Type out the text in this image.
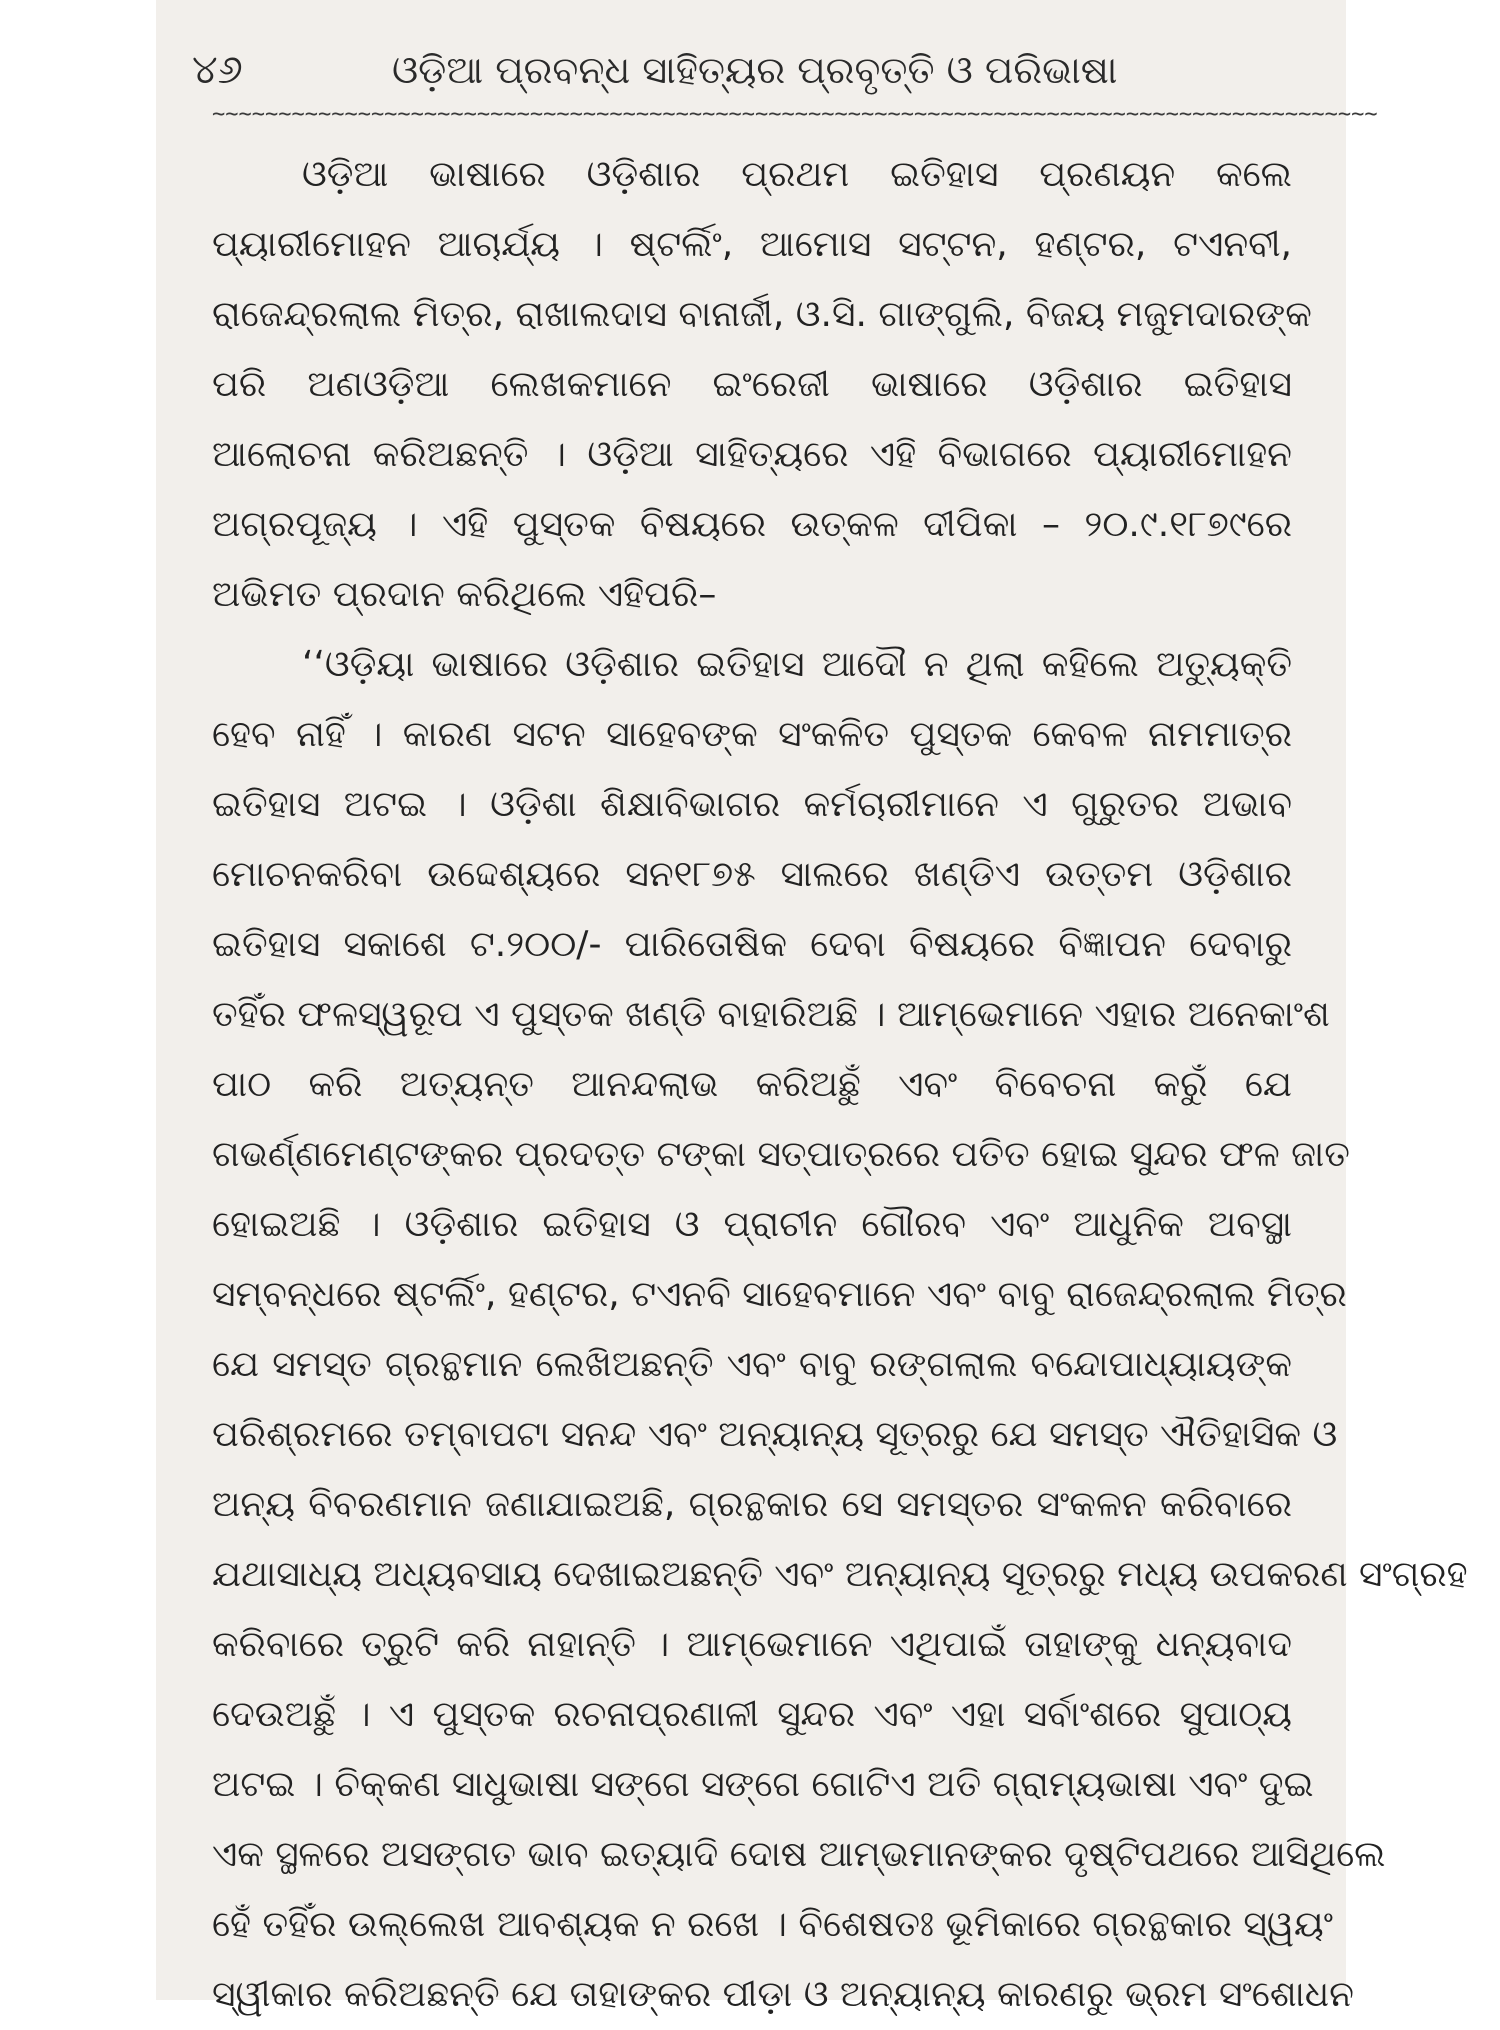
୪୬	ଓଡ଼ିଆ ପ୍ରବନ୍ଧ ସାହିତ୍ୟର ପ୍ରବୃତ୍ତି ଓ ପରିଭାଷା
~~~~~~~~~~~~~~~~~~~~~~~~~~~~~~~~~~~~~~~~~~~~~~~~~~~~~~~~~~~~~~~~~~~~~~~~~~~~~~~~~~~~~~~~
ଓଡ଼ିଆ ଭାଷାରେ ଓଡ଼ିଶାର ପ୍ରଥମ ଇତିହାସ ପ୍ରଣୟନ କଲେ
ପ୍ୟାରୀମୋହନ ଆଚାର୍ଯ୍ୟ । ଷ୍ଟର୍ଲିଂ, ଆମୋସ ସଟ୍ଟନ, ହଣ୍ଟର, ଟଏନବୀ,
ରାଜେନ୍ଦ୍ରଲାଲ ମିତ୍ର, ରାଖାଲଦାସ ବାନାର୍ଜୀ, ଓ.ସି. ଗାଙ୍ଗୁଲି, ବିଜୟ ମଜୁମଦାରଙ୍କ
ପରି ଅଣଓଡ଼ିଆ ଲେଖକମାନେ ଇଂରେଜୀ ଭାଷାରେ ଓଡ଼ିଶାର ଇତିହାସ
ଆଲୋଚନା କରିଅଛନ୍ତି । ଓଡ଼ିଆ ସାହିତ୍ୟରେ ଏହି ବିଭାଗରେ ପ୍ୟାରୀମୋହନ
ଅଗ୍ରପୂଜ୍ୟ । ଏହି ପୁସ୍ତକ ବିଷୟରେ ଉତ୍କଳ ଦୀପିକା – ୨୦.୯.୧୮୭୯ରେ
ଅଭିମତ ପ୍ରଦାନ କରିଥିଲେ ଏହିପରି–
‘‘ଓଡ଼ିୟା ଭାଷାରେ ଓଡ଼ିଶାର ଇତିହାସ ଆଦୌ ନ ଥିଲା କହିଲେ ଅତ୍ୟୁକ୍ତି
ହେବ ନାହିଁ । କାରଣ ସଟନ ସାହେବଙ୍କ ସଂକଳିତ ପୁସ୍ତକ କେବଳ ନାମମାତ୍ର
ଇତିହାସ ଅଟଇ । ଓଡ଼ିଶା ଶିକ୍ଷାବିଭାଗର କର୍ମଚାରୀମାନେ ଏ ଗୁରୁତର ଅଭାବ
ମୋଚନକରିବା ଉଦ୍ଦେଶ୍ୟରେ ସନ୧୮୭୫ ସାଲରେ ଖଣ୍ଡିଏ ଉତ୍ତମ ଓଡ଼ିଶାର
ଇତିହାସ ସକାଶେ ଟ.୨୦୦/- ପାରିତୋଷିକ ଦେବା ବିଷୟରେ ବିଜ୍ଞାପନ ଦେବାରୁ
ତହିଁର ଫଳସ୍ୱରୂପ ଏ ପୁସ୍ତକ ଖଣ୍ଡି ବାହାରିଅଛି । ଆମ୍ଭେମାନେ ଏହାର ଅନେକାଂଶ
ପାଠ କରି ଅତ୍ୟନ୍ତ ଆନନ୍ଦଲାଭ କରିଅଛୁଁ ଏବଂ ବିବେଚନା କରୁଁ ଯେ
ଗଭର୍ଣ୍ଣମେଣ୍ଟଙ୍କର ପ୍ରଦତ୍ତ ଟଙ୍କା ସତ୍ପାତ୍ରରେ ପତିତ ହୋଇ ସୁନ୍ଦର ଫଳ ଜାତ
ହୋଇଅଛି । ଓଡ଼ିଶାର ଇତିହାସ ଓ ପ୍ରାଚୀନ ଗୌରବ ଏବଂ ଆଧୁନିକ ଅବସ୍ଥା
ସମ୍ବନ୍ଧରେ ଷ୍ଟର୍ଲିଂ, ହଣ୍ଟର, ଟଏନବି ସାହେବମାନେ ଏବଂ ବାବୁ ରାଜେନ୍ଦ୍ରଲାଲ ମିତ୍ର
ଯେ ସମସ୍ତ ଗ୍ରନ୍ଥମାନ ଲେଖିଅଛନ୍ତି ଏବଂ ବାବୁ ରଙ୍ଗଲାଲ ବନ୍ଦୋପାଧ୍ୟାୟଙ୍କ
ପରିଶ୍ରମରେ ତମ୍ବାପଟା ସନନ୍ଦ ଏବଂ ଅନ୍ୟାନ୍ୟ ସୂତ୍ରରୁ ଯେ ସମସ୍ତ ଐତିହାସିକ ଓ
ଅନ୍ୟ ବିବରଣମାନ ଜଣାଯାଇଅଛି, ଗ୍ରନ୍ଥକାର ସେ ସମସ୍ତର ସଂକଳନ କରିବାରେ
ଯଥାସାଧ୍ୟ ଅଧ୍ୟବସାୟ ଦେଖାଇଅଛନ୍ତି ଏବଂ ଅନ୍ୟାନ୍ୟ ସୂତ୍ରରୁ ମଧ୍ୟ ଉପକରଣ ସଂଗ୍ରହ
କରିବାରେ ତ୍ରୁଟି କରି ନାହାନ୍ତି । ଆମ୍ଭେମାନେ ଏଥିପାଇଁ ତାହାଙ୍କୁ ଧନ୍ୟବାଦ
ଦେଉଅଛୁଁ । ଏ ପୁସ୍ତକ ରଚନାପ୍ରଣାଳୀ ସୁନ୍ଦର ଏବଂ ଏହା ସର୍ବାଂଶରେ ସୁପାଠ୍ୟ
ଅଟଇ । ଚିକ୍କଣ ସାଧୁଭାଷା ସଙ୍ଗେ ସଙ୍ଗେ ଗୋଟିଏ ଅତି ଗ୍ରାମ୍ୟଭାଷା ଏବଂ ଦୁଇ
ଏକ ସ୍ଥଳରେ ଅସଙ୍ଗତ ଭାବ ଇତ୍ୟାଦି ଦୋଷ ଆମ୍ଭମାନଙ୍କର ଦୃଷ୍ଟିପଥରେ ଆସିଥିଲେ
ହେଁ ତହିଁର ଉଲ୍ଲେଖ ଆବଶ୍ୟକ ନ ରଖେ । ବିଶେଷତଃ ଭୂମିକାରେ ଗ୍ରନ୍ଥକାର ସ୍ୱୟଂ
ସ୍ୱୀକାର କରିଅଛନ୍ତି ଯେ ତାହାଙ୍କର ପୀଡ଼ା ଓ ଅନ୍ୟାନ୍ୟ କାରଣରୁ ଭ୍ରମ ସଂଶୋଧନ
